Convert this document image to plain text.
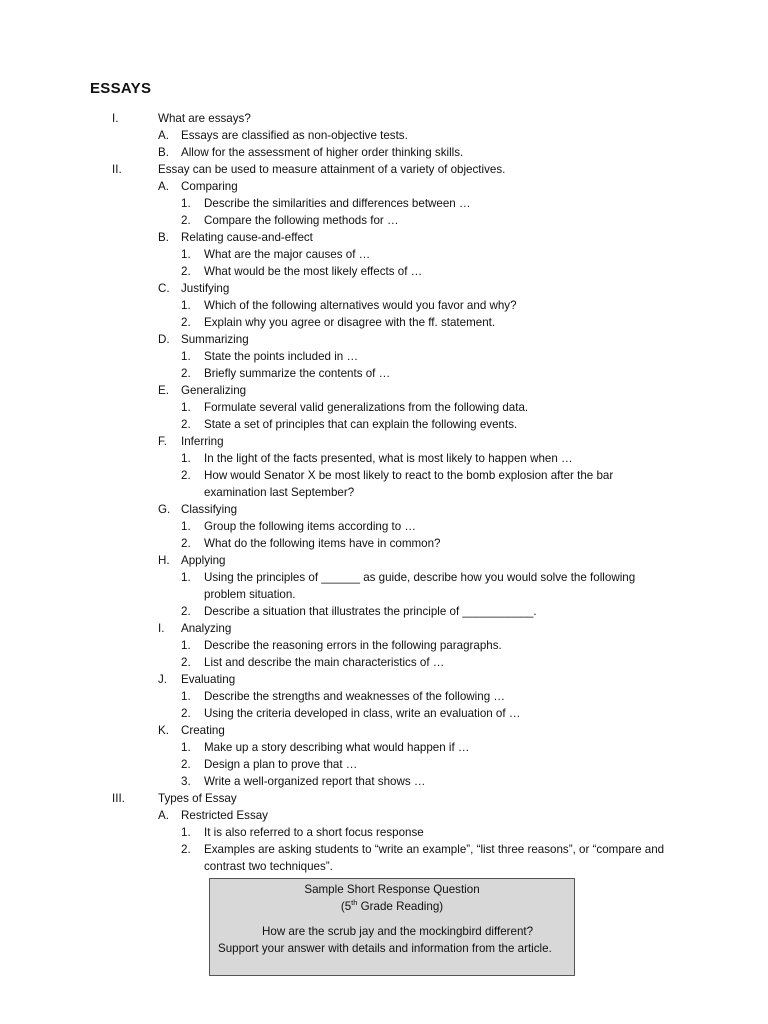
ESSAYS
I.	What are essays?
A. Essays are classified as non-objective tests.
B. Allow for the assessment of higher order thinking skills.
II.	Essay can be used to measure attainment of a variety of objectives.
A. Comparing
1. Describe the similarities and differences between …
2. Compare the following methods for …
B. Relating cause-and-effect
1. What are the major causes of …
2. What would be the most likely effects of …
C. Justifying
1. Which of the following alternatives would you favor and why?
2. Explain why you agree or disagree with the ff. statement.
D. Summarizing
1. State the points included in …
2. Briefly summarize the contents of …
E. Generalizing
1. Formulate several valid generalizations from the following data.
2. State a set of principles that can explain the following events.
F. Inferring
1. In the light of the facts presented, what is most likely to happen when …
2. How would Senator X be most likely to react to the bomb explosion after the bar examination last September?
G. Classifying
1. Group the following items according to …
2. What do the following items have in common?
H. Applying
1. Using the principles of ______ as guide, describe how you would solve the following problem situation.
2. Describe a situation that illustrates the principle of ___________.
I. Analyzing
1. Describe the reasoning errors in the following paragraphs.
2. List and describe the main characteristics of …
J. Evaluating
1. Describe the strengths and weaknesses of the following …
2. Using the criteria developed in class, write an evaluation of …
K. Creating
1. Make up a story describing what would happen if …
2. Design a plan to prove that …
3. Write a well-organized report that shows …
III.	Types of Essay
A. Restricted Essay
1. It is also referred to a short focus response
2. Examples are asking students to “write an example”, “list three reasons”, or “compare and contrast two techniques”.
Sample Short Response Question
(5th Grade Reading)
How are the scrub jay and the mockingbird different? Support your answer with details and information from the article.
